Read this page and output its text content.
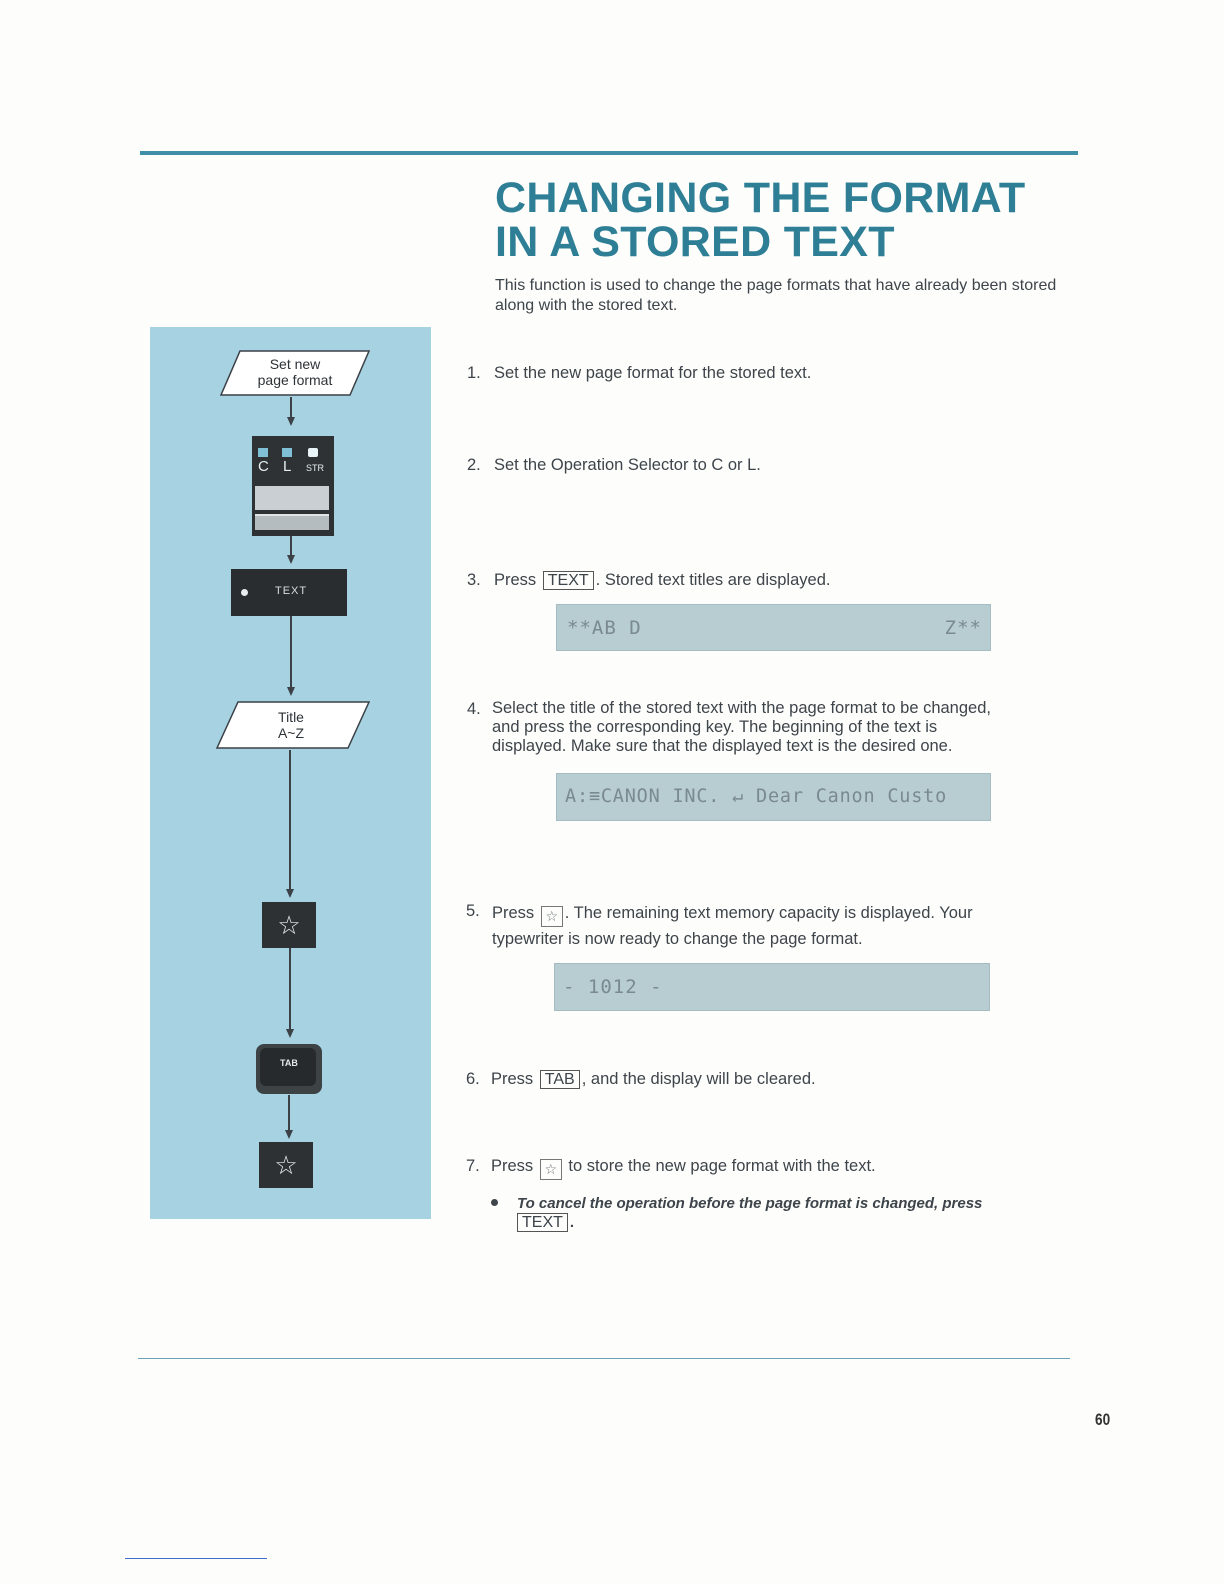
CHANGING THE FORMAT
IN A STORED TEXT

This function is used to change the page formats that have already been stored along with the stored text.

Set new
page format
C L STR
TEXT
Title
A~Z
☆
TAB
☆
1. Set the new page format for the stored text.
2. Set the Operation Selector to C or L.
3. Press TEXT . Stored text titles are displayed.
**AB D	Z**
4. Select the title of the stored text with the page format to be changed,
and press the corresponding key. The beginning of the text is
displayed. Make sure that the displayed text is the desired one.
A:≡CANON INC. ↵ Dear Canon Custo
5. Press ☆ . The remaining text memory capacity is displayed. Your
typewriter is now ready to change the page format.
- 1012 -
6. Press TAB , and the display will be cleared.
7. Press ☆ to store the new page format with the text.
To cancel the operation before the page format is changed, press
TEXT .
60
